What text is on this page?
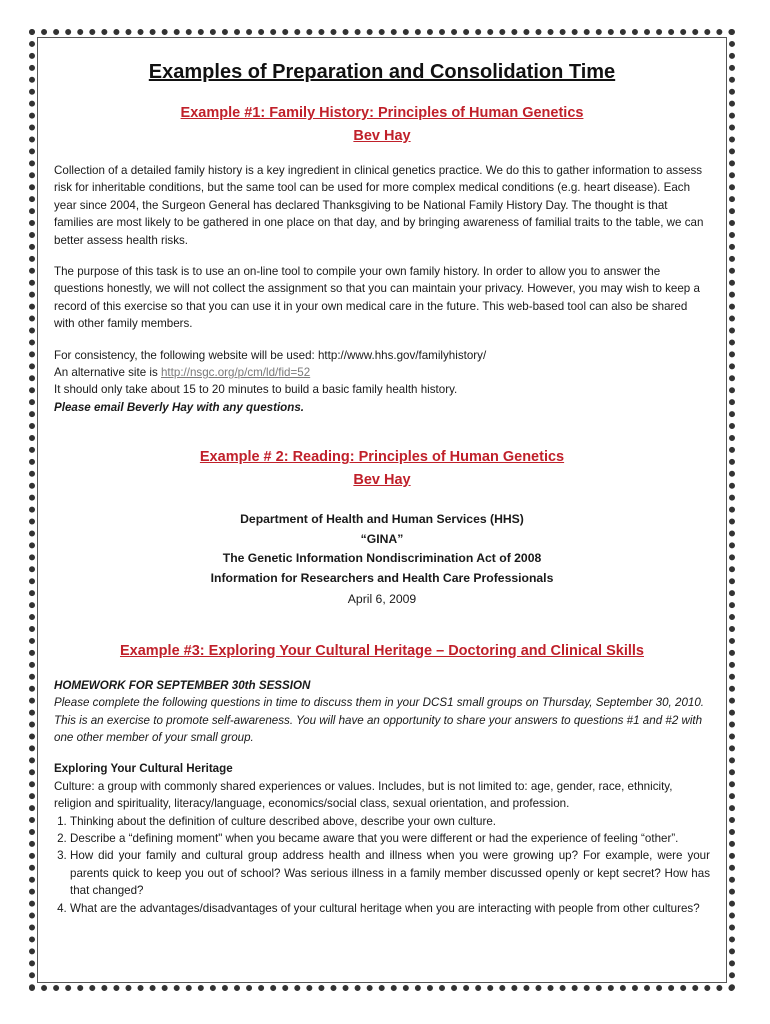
Examples of Preparation and Consolidation Time
Example #1: Family History: Principles of Human Genetics
Bev Hay

Collection of a detailed family history is a key ingredient in clinical genetics practice. We do this to gather information to assess risk for inheritable conditions, but the same tool can be used for more complex medical conditions (e.g. heart disease). Each year since 2004, the Surgeon General has declared Thanksgiving to be National Family History Day. The thought is that families are most likely to be gathered in one place on that day, and by bringing awareness of familial traits to the table, we can better assess health risks.

The purpose of this task is to use an on-line tool to compile your own family history. In order to allow you to answer the questions honestly, we will not collect the assignment so that you can maintain your privacy. However, you may wish to keep a record of this exercise so that you can use it in your own medical care in the future. This web-based tool can also be shared with other family members.

For consistency, the following website will be used: http://www.hhs.gov/familyhistory/

An alternative site is http://nsgc.org/p/cm/ld/fid=52

It should only take about 15 to 20 minutes to build a basic family health history.

Please email Beverly Hay with any questions.

Example # 2: Reading: Principles of Human Genetics
Bev Hay
Department of Health and Human Services (HHS)
“GINA”
The Genetic Information Nondiscrimination Act of 2008
Information for Researchers and Health Care Professionals
April 6, 2009
Example #3: Exploring Your Cultural Heritage – Doctoring and Clinical Skills

HOMEWORK FOR SEPTEMBER 30th SESSION

Please complete the following questions in time to discuss them in your DCS1 small groups on Thursday, September 30, 2010. This is an exercise to promote self-awareness. You will have an opportunity to share your answers to questions #1 and #2 with one other member of your small group.

Exploring Your Cultural Heritage

Culture: a group with commonly shared experiences or values. Includes, but is not limited to: age, gender, race, ethnicity, religion and spirituality, literacy/language, economics/social class, sexual orientation, and profession.

1. Thinking about the definition of culture described above, describe your own culture.
2. Describe a “defining moment" when you became aware that you were different or had the experience of feeling “other”.
3. How did your family and cultural group address health and illness when you were growing up? For example, were your parents quick to keep you out of school? Was serious illness in a family member discussed openly or kept secret? How has that changed?
4. What are the advantages/disadvantages of your cultural heritage when you are interacting with people from other cultures?
